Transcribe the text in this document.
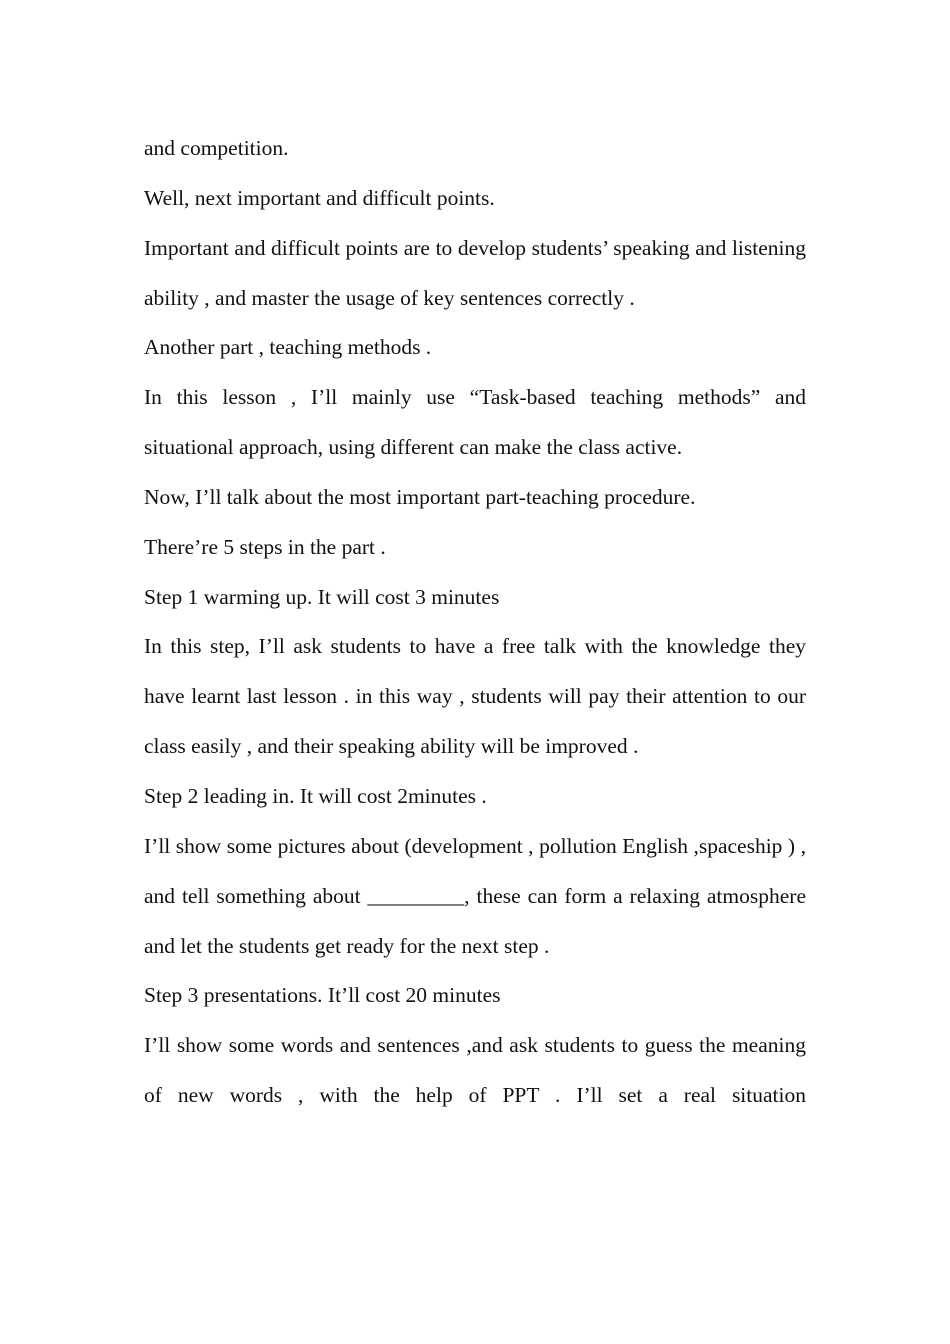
and competition.

Well, next important and difficult points.

Important and difficult points are to develop students’ speaking and listening ability , and master the usage of key sentences correctly .

Another part , teaching methods .

In this lesson , I’ll mainly use “Task-based teaching methods” and situational approach, using different can make the class active.

Now, I’ll talk about the most important part-teaching procedure.

There’re 5 steps in the part .

Step 1 warming up. It will cost 3 minutes

In this step, I’ll ask students to have a free talk with the knowledge they have learnt last lesson . in this way , students will pay their attention to our class easily , and their speaking ability will be improved .

Step 2 leading in. It will cost 2minutes .

I’ll show some pictures about (development , pollution English ,spaceship ) , and tell something about _________, these can form a relaxing atmosphere and let the students get ready for the next step .

Step 3 presentations. It’ll cost 20 minutes

I’ll show some words and sentences ,and ask students to guess the meaning of new words , with the help of PPT . I’ll set a real situation
